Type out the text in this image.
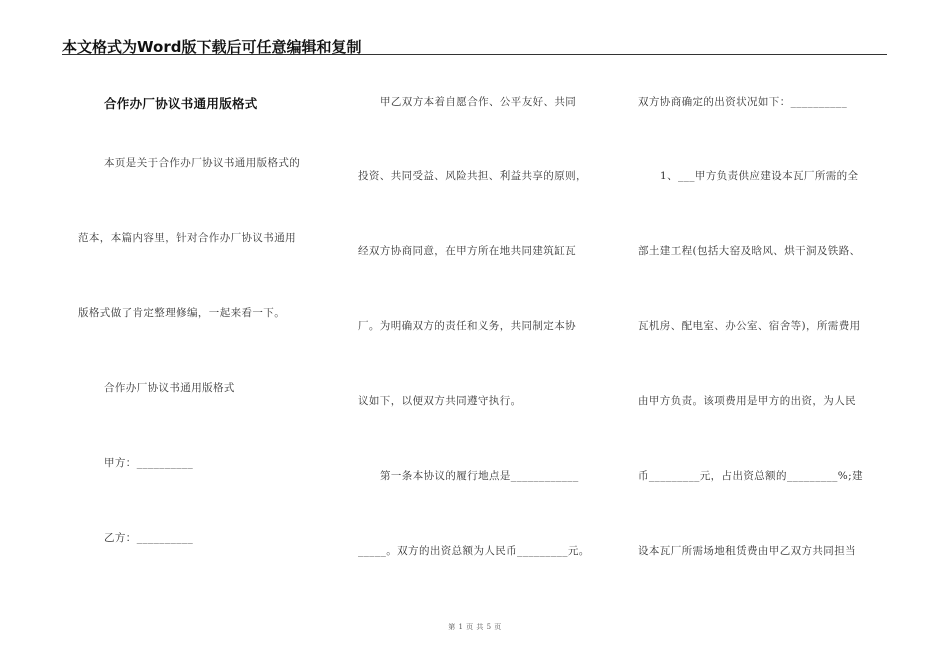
本文格式为Word版下载后可任意编辑和复制
合作办厂协议书通用版格式
本页是关于合作办厂协议书通用版格式的
范本，本篇内容里，针对合作办厂协议书通用
版格式做了肯定整理修编，一起来看一下。
合作办厂协议书通用版格式
甲方：__________
乙方：__________
甲乙双方本着自愿合作、公平友好、共同
投资、共同受益、风险共担、利益共享的原则，
经双方协商同意，在甲方所在地共同建筑缸瓦
厂。为明确双方的责任和义务，共同制定本协
议如下，以便双方共同遵守执行。
第一条本协议的履行地点是____________
_____。双方的出资总额为人民币_________元。
双方协商确定的出资状况如下：__________
1、___甲方负责供应建设本瓦厂所需的全
部土建工程(包括大窑及晗风、烘干洞及铁路、
瓦机房、配电室、办公室、宿舍等)，所需费用
由甲方负责。该项费用是甲方的出资，为人民
币_________元，占出资总额的_________%;建
设本瓦厂所需场地租赁费由甲乙双方共同担当
第 1 页 共 5 页
